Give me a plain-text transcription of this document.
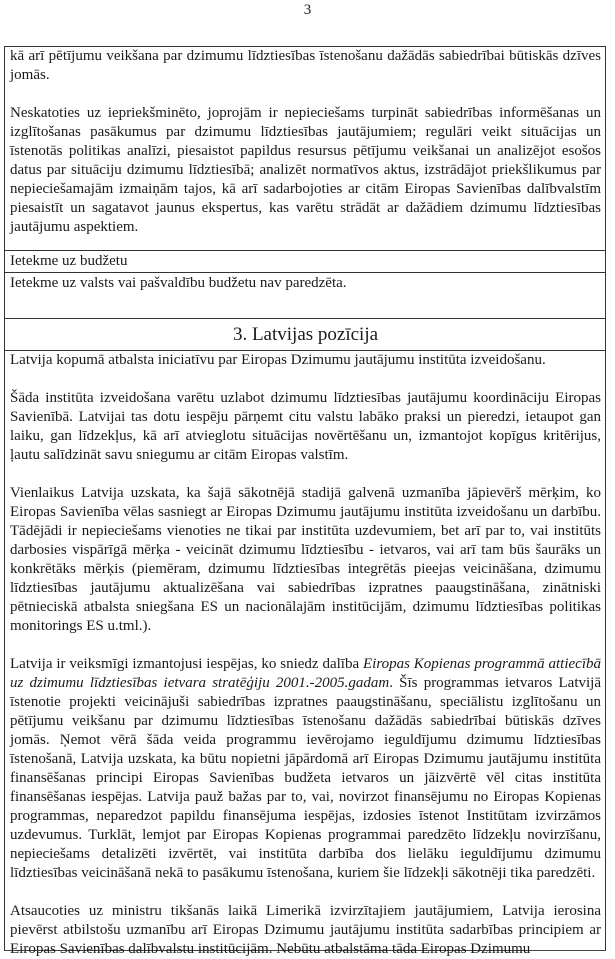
3

kā arī pētījumu veikšana par dzimumu līdztiesības īstenošanu dažādās sabiedrībai būtiskās dzīves jomās.

Neskatoties uz iepriekšminēto, joprojām ir nepieciešams turpināt sabiedrības informēšanas un izglītošanas pasākumus par dzimumu līdztiesības jautājumiem; regulāri veikt situācijas un īstenotās politikas analīzi, piesaistot papildus resursus pētījumu veikšanai un analizējot esošos datus par situāciju dzimumu līdztiesībā; analizēt normatīvos aktus, izstrādājot priekšlikumus par nepieciešamajām izmaiņām tajos, kā arī sadarbojoties ar citām Eiropas Savienības dalībvalstīm piesaistīt un sagatavot jaunus ekspertus, kas varētu strādāt ar dažādiem dzimumu līdztiesības jautājumu aspektiem.

Ietekme uz budžetu

Ietekme uz valsts vai pašvaldību budžetu nav paredzēta.

3. Latvijas pozīcija

Latvija kopumā atbalsta iniciatīvu par Eiropas Dzimumu jautājumu institūta izveidošanu.

Šāda institūta izveidošana varētu uzlabot dzimumu līdztiesības jautājumu koordināciju Eiropas Savienībā. Latvijai tas dotu iespēju pārņemt citu valstu labāko praksi un pieredzi, ietaupot gan laiku, gan līdzekļus, kā arī atvieglotu situācijas novērtēšanu un, izmantojot kopīgus kritērijus, ļautu salīdzināt savu sniegumu ar citām Eiropas valstīm.

Vienlaikus Latvija uzskata, ka šajā sākotnējā stadijā galvenā uzmanība jāpievērš mērķim, ko Eiropas Savienība vēlas sasniegt ar Eiropas Dzimumu jautājumu institūta izveidošanu un darbību. Tādējādi ir nepieciešams vienoties ne tikai par institūta uzdevumiem, bet arī par to, vai institūts darbosies vispārīgā mērķa - veicināt dzimumu līdztiesību - ietvaros, vai arī tam būs šaurāks un konkrētāks mērķis (piemēram, dzimumu līdztiesības integrētās pieejas veicināšana, dzimumu līdztiesības jautājumu aktualizēšana vai sabiedrības izpratnes paaugstināšana, zinātniski pētnieciskā atbalsta sniegšana ES un nacionālajām institūcijām, dzimumu līdztiesības politikas monitorings ES u.tml.).

Latvija ir veiksmīgi izmantojusi iespējas, ko sniedz dalība Eiropas Kopienas programmā attiecībā uz dzimumu līdztiesības ietvara stratēģiju 2001.-2005.gadam. Šīs programmas ietvaros Latvijā īstenotie projekti veicinājuši sabiedrības izpratnes paaugstināšanu, speciālistu izglītošanu un pētījumu veikšanu par dzimumu līdztiesības īstenošanu dažādās sabiedrībai būtiskās dzīves jomās. Ņemot vērā šāda veida programmu ievērojamo ieguldījumu dzimumu līdztiesības īstenošanā, Latvija uzskata, ka būtu nopietni jāpārdomā arī Eiropas Dzimumu jautājumu institūta finansēšanas principi Eiropas Savienības budžeta ietvaros un jāizvērtē vēl citas institūta finansēšanas iespējas. Latvija pauž bažas par to, vai, novirzot finansējumu no Eiropas Kopienas programmas, neparedzot papildu finansējuma iespējas, izdosies īstenot Institūtam izvirzāmos uzdevumus. Turklāt, lemjot par Eiropas Kopienas programmai paredzēto līdzekļu novirzīšanu, nepieciešams detalizēti izvērtēt, vai institūta darbība dos lielāku ieguldījumu dzimumu līdztiesības veicināšanā nekā to pasākumu īstenošana, kuriem šie līdzekļi sākotnēji tika paredzēti.

Atsaucoties uz ministru tikšanās laikā Limerikā izvirzītajiem jautājumiem, Latvija ierosina pievērst atbilstošu uzmanību arī Eiropas Dzimumu jautājumu institūta sadarbības principiem ar Eiropas Savienības dalībvalstu institūcijām. Nebūtu atbalstāma tāda Eiropas Dzimumu
